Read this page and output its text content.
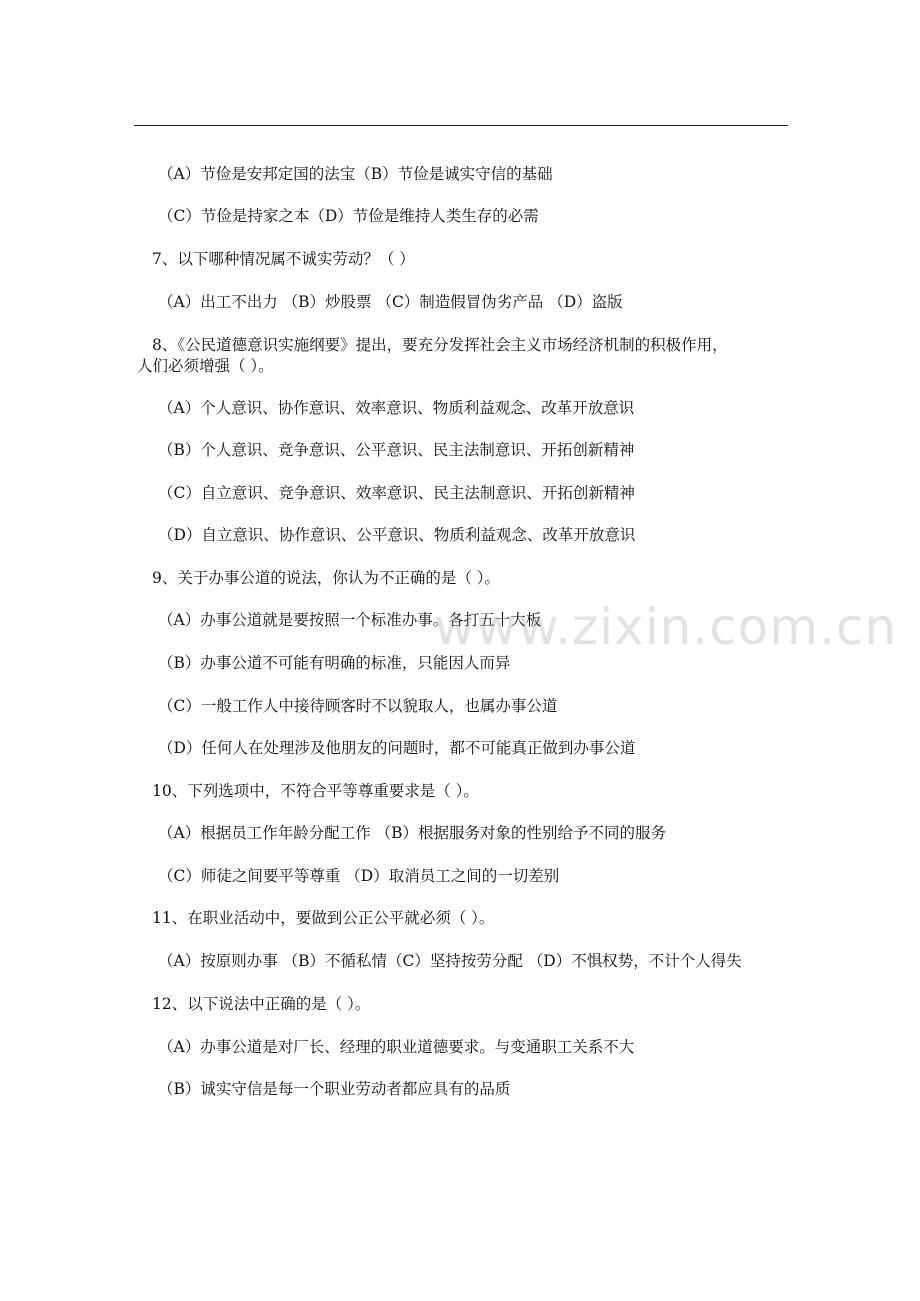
（A）节俭是安邦定国的法宝（B）节俭是诚实守信的基础
（C）节俭是持家之本（D）节俭是维持人类生存的必需
7、以下哪种情况属不诚实劳动？（ ）
（A）出工不出力 （B）炒股票 （C）制造假冒伪劣产品 （D）盗版
8、《公民道德意识实施纲要》提出，要充分发挥社会主义市场经济机制的积极作用，
人们必须增强（ ）。
（A）个人意识、协作意识、效率意识、物质利益观念、改革开放意识
（B）个人意识、竞争意识、公平意识、民主法制意识、开拓创新精神
（C）自立意识、竞争意识、效率意识、民主法制意识、开拓创新精神
（D）自立意识、协作意识、公平意识、物质利益观念、改革开放意识
9、关于办事公道的说法，你认为不正确的是（ ）。
（A）办事公道就是要按照一个标准办事。各打五十大板
（B）办事公道不可能有明确的标准，只能因人而异
（C）一般工作人中接待顾客时不以貌取人，也属办事公道
（D）任何人在处理涉及他朋友的问题时，都不可能真正做到办事公道
10、下列选项中，不符合平等尊重要求是（ ）。
（A）根据员工作年龄分配工作 （B）根据服务对象的性别给予不同的服务
（C）师徒之间要平等尊重 （D）取消员工之间的一切差别
11、在职业活动中，要做到公正公平就必须（ ）。
（A）按原则办事 （B）不循私情（C）坚持按劳分配 （D）不惧权势，不计个人得失
12、以下说法中正确的是（ ）。
（A）办事公道是对厂长、经理的职业道德要求。与变通职工关系不大
（B）诚实守信是每一个职业劳动者都应具有的品质
www.zixin.com.cn
